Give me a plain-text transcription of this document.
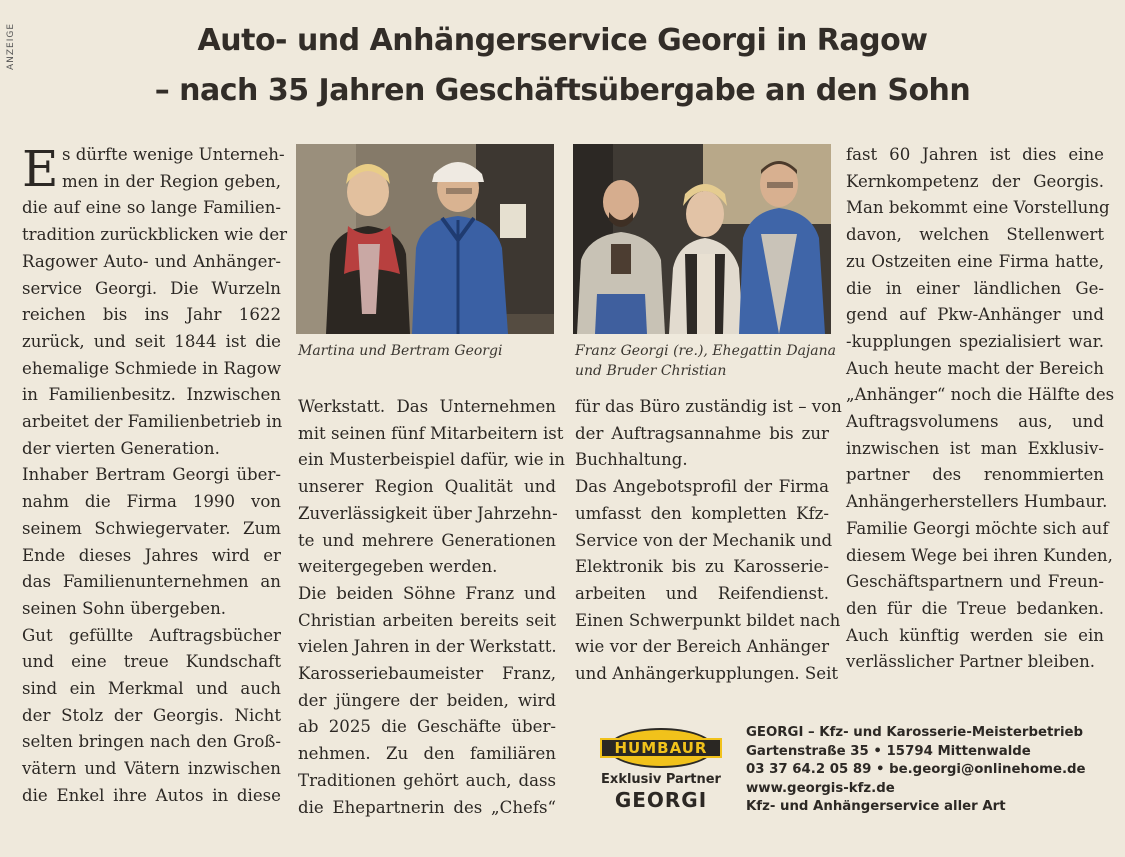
ANZEIGE	Auto- und Anhängerservice Georgi in Ragow
– nach 35 Jahren Geschäftsübergabe an den Sohn
E s dürfte wenige Unterneh-
men in der Region geben,
die auf eine so lange Familien-
tradition zurückblicken wie der
Ragower Auto- und Anhänger-
service Georgi. Die Wurzeln
reichen bis ins Jahr 1622
zurück, und seit 1844 ist die
ehemalige Schmiede in Ragow
in Familienbesitz. Inzwischen
arbeitet der Familienbetrieb in
der vierten Generation.
Inhaber Bertram Georgi über-
nahm die Firma 1990 von
seinem Schwiegervater. Zum
Ende dieses Jahres wird er
das Familienunternehmen an
seinen Sohn übergeben.
Gut gefüllte Auftragsbücher
und eine treue Kundschaft
sind ein Merkmal und auch
der Stolz der Georgis. Nicht
selten bringen nach den Groß-
vätern und Vätern inzwischen
die Enkel ihre Autos in diese
Martina und Bertram Georgi	Franz Georgi (re.), Ehegattin Dajana
und Bruder Christian
Werkstatt. Das Unternehmen
mit seinen fünf Mitarbeitern ist
ein Musterbeispiel dafür, wie in
unserer Region Qualität und
Zuverlässigkeit über Jahrzehn-
te und mehrere Generationen
weitergegeben werden.
Die beiden Söhne Franz und
Christian arbeiten bereits seit
vielen Jahren in der Werkstatt.
Karosseriebaumeister Franz,
der jüngere der beiden, wird
ab 2025 die Geschäfte über-
nehmen. Zu den familiären
Traditionen gehört auch, dass
die Ehepartnerin des „Chefs“
für das Büro zuständig ist – von
der Auftragsannahme bis zur
Buchhaltung.
Das Angebotsprofil der Firma
umfasst den kompletten Kfz-
Service von der Mechanik und
Elektronik bis zu Karosserie-
arbeiten und Reifendienst.
Einen Schwerpunkt bildet nach
wie vor der Bereich Anhänger
und Anhängerkupplungen. Seit
fast 60 Jahren ist dies eine
Kernkompetenz der Georgis.
Man bekommt eine Vorstellung
davon, welchen Stellenwert
zu Ostzeiten eine Firma hatte,
die in einer ländlichen Ge-
gend auf Pkw-Anhänger und
-kupplungen spezialisiert war.
Auch heute macht der Bereich
„Anhänger“ noch die Hälfte des
Auftragsvolumens aus, und
inzwischen ist man Exklusiv-
partner des renommierten
Anhängerherstellers Humbaur.
Familie Georgi möchte sich auf
diesem Wege bei ihren Kunden,
Geschäftspartnern und Freun-
den für die Treue bedanken.
Auch künftig werden sie ein
verlässlicher Partner bleiben.
HUMBAUR
Exklusiv Partner
GEORGI
GEORGI – Kfz- und Karosserie-Meisterbetrieb
Gartenstraße 35 • 15794 Mittenwalde
03 37 64.2 05 89 • be.georgi@onlinehome.de
www.georgis-kfz.de
Kfz- und Anhängerservice aller Art
